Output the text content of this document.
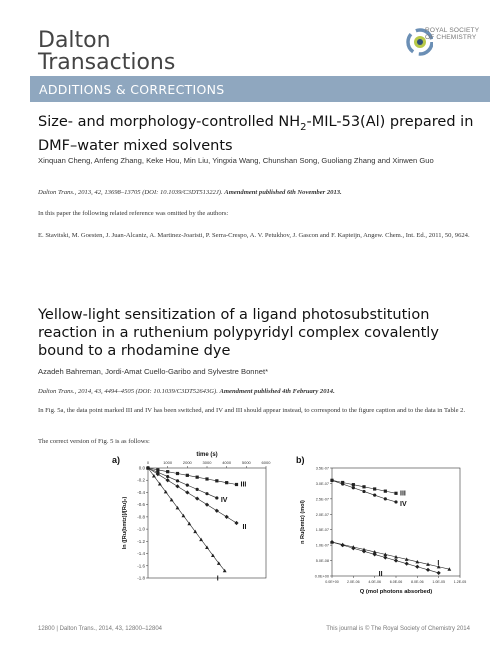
Dalton
Transactions
ROYAL SOCIETY
OF CHEMISTRY
ADDITIONS & CORRECTIONS
Size- and morphology-controlled $NH_2-MIL-53(Al)$ prepared in DMF–water mixed solvents
Xinquan Cheng, Anfeng Zhang, Keke Hou, Min Liu, Yingxia Wang, Chunshan Song, Guoliang Zhang and Xinwen Guo
Dalton Trans., 2013, 42, 13698–13705 (DOI: 10.1039/C3DT51322J). Amendment published 6th November 2013.
In this paper the following related reference was omitted by the authors:
E. Stavitski, M. Goesten, J. Juan-Alcaniz, A. Martinez-Joaristi, P. Serra-Crespo, A. V. Petukhov, J. Gascon and F. Kapteijn, Angew. Chem., Int. Ed., 2011, 50, 9624.
Yellow-light sensitization of a ligand photosubstitution reaction in a ruthenium polypyridyl complex covalently bound to a rhodamine dye
Azadeh Bahreman, Jordi-Amat Cuello-Garibo and Sylvestre Bonnet*
Dalton Trans., 2014, 43, 4494–4505 (DOI: 10.1039/C3DT52643G). Amendment published 4th February 2014.
In Fig. 5a, the data point marked III and IV has been switched, and IV and III should appear instead, to correspond to the figure caption and to the data in Table 2.
The correct version of Fig. 5 is as follows:
a)	0	1000	2000	3000	4000	5000	6000
0.0
-0.2
-0.4
-0.6
-0.8
-1.0
-1.2
-1.4
-1.6
-1.8
time (s)
ln ([Ru(bmtz)]/[Ru]₀)
III
IV
II
I
b)
0.0E+00 2.0E-06 4.0E-06 6.0E-06 8.0E-06 1.0E-05 1.2E-05
0.0E+00
5.0E-08
1.0E-07
1.5E-07
2.0E-07
2.5E-07
3.0E-07
3.5E-07
Q (mol photons absorbed)
n Ru(bmtz) (mol)
III
IV
II
I
12800 | Dalton Trans., 2014, 43, 12800–12804	This journal is © The Royal Society of Chemistry 2014
